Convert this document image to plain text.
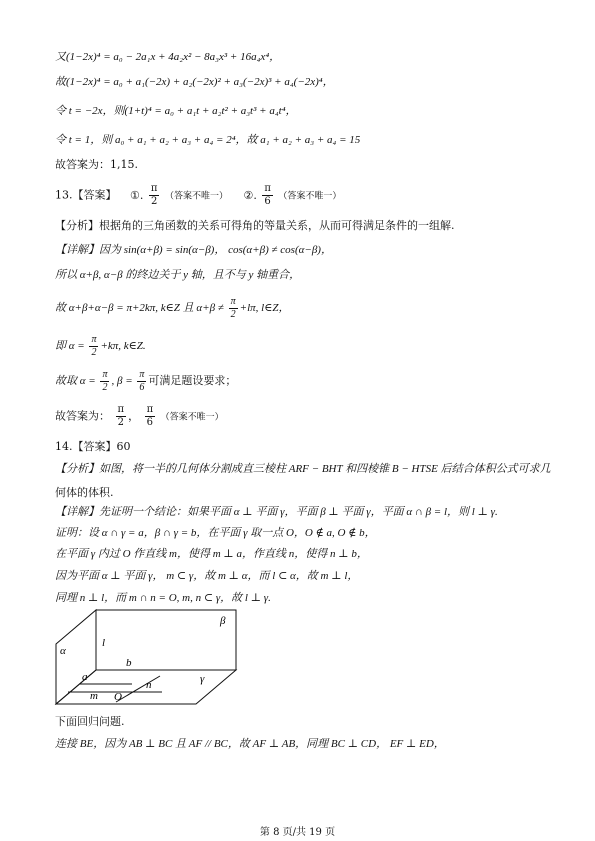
又(1−2x)⁴ = a₀ − 2a₁x + 4a₂x² − 8a₃x³ + 16a₄x⁴，
故(1−2x)⁴ = a₀ + a₁(−2x) + a₂(−2x)² + a₃(−2x)³ + a₄(−2x)⁴，
令 t = −2x，则(1+t)⁴ = a₀ + a₁t + a₂t² + a₃t³ + a₄t⁴，
令 t = 1，则 a₀ + a₁ + a₂ + a₃ + a₄ = 2⁴，故 a₁ + a₂ + a₃ + a₄ = 15
故答案为：1,15.
13.【答案】 ①. $\frac{\pi}{2}$ （答案不唯一） ②. $\frac{\pi}{6}$ （答案不唯一）
【分析】根据角的三角函数的关系可得角的等量关系，从而可得满足条件的一组解.
【详解】因为 sin(α+β) = sin(α−β)， cos(α+β) ≠ cos(α−β)，
所以 α+β, α−β 的终边关于 y 轴，且不与 y 轴重合，
故 α+β+α−β = π+2kπ, k∈Z 且 $\alpha+\beta \ne \frac{\pi}{2} +l\pi$, l∈Z，
即 $\alpha = \frac{\pi}{2} +k\pi$, k∈Z.
故取 $\alpha = \frac{\pi}{2}$ , $\beta = \frac{\pi}{6}$ 可满足题设要求；
故答案为： $\frac{\pi}{2}$ ， $\frac{\pi}{6}$ （答案不唯一）
14.【答案】60
【分析】如图，将一半的几何体分割成直三棱柱 ARF − BHT 和四棱锥 B − HTSE 后结合体积公式可求几
何体的体积.
【详解】先证明一个结论：如果平面 α ⊥ 平面 γ，平面 β ⊥ 平面 γ，平面 α ∩ β = l，则 l ⊥ γ.
证明：设 α ∩ γ = a，β ∩ γ = b，在平面 γ 取一点 O，O ∉ a, O ∉ b，
在平面 γ 内过 O 作直线 m，使得 m ⊥ a，作直线 n，使得 n ⊥ b，
因为平面 α ⊥ 平面 γ， m ⊂ γ，故 m ⊥ α，而 l ⊂ α，故 m ⊥ l，
同理 n ⊥ l，而 m ∩ n = O, m, n ⊂ γ，故 l ⊥ γ.
α
β
γ
l
a
b
m
n
O
下面回归问题.
连接 BE，因为 AB ⊥ BC 且 AF // BC，故 AF ⊥ AB，同理 BC ⊥ CD， EF ⊥ ED，
第 8 页/共 19 页
